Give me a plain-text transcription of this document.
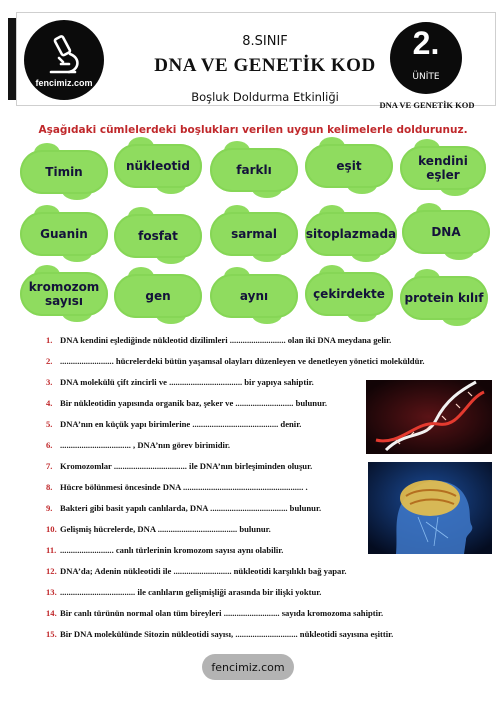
fencimiz.com
8.SINIF
DNA VE GENETİK KOD
Boşluk Doldurma Etkinliği
2.
ÜNİTE
DNA VE GENETİK KOD
Aşağıdaki cümlelerdeki boşlukları verilen uygun kelimelerle doldurunuz.
Timin	nükleotid	farklı	eşit	kendini eşler
Guanin	fosfat	sarmal	sitoplazmada	DNA
kromozom sayısı	gen	aynı	çekirdekte	protein kılıf
1. DNA kendini eşlediğinde nükleotid dizilimleri .......................... olan iki DNA meydana gelir.
2. ......................... hücrelerdeki bütün yaşamsal olayları düzenleyen ve denetleyen yönetici moleküldür.
3. DNA molekülü çift zincirli ve .................................. bir yapıya sahiptir.
4. Bir nükleotidin yapısında organik baz, şeker ve ........................... bulunur.
5. DNA’nın en küçük yapı birimlerine ........................................ denir.
6. ................................. , DNA’nın görev birimidir.
7. Kromozomlar .................................. ile DNA’nın birleşiminden oluşur.
8. Hücre bölünmesi öncesinde DNA ........................................................ .
9. Bakteri gibi basit yapılı canlılarda, DNA .................................... bulunur.
10. Gelişmiş hücrelerde, DNA ..................................... bulunur.
11. ......................... canlı türlerinin kromozom sayısı aynı olabilir.
12. DNA’da; Adenin nükleotidi ile ........................... nükleotidi karşılıklı bağ yapar.
13. ................................... ile canlıların gelişmişliği arasında bir ilişki yoktur.
14. Bir canlı türünün normal olan tüm bireyleri .......................... sayıda kromozoma sahiptir.
15. Bir DNA molekülünde Sitozin nükleotidi sayısı, ............................. nükleotidi sayısına eşittir.
fencimiz.com
